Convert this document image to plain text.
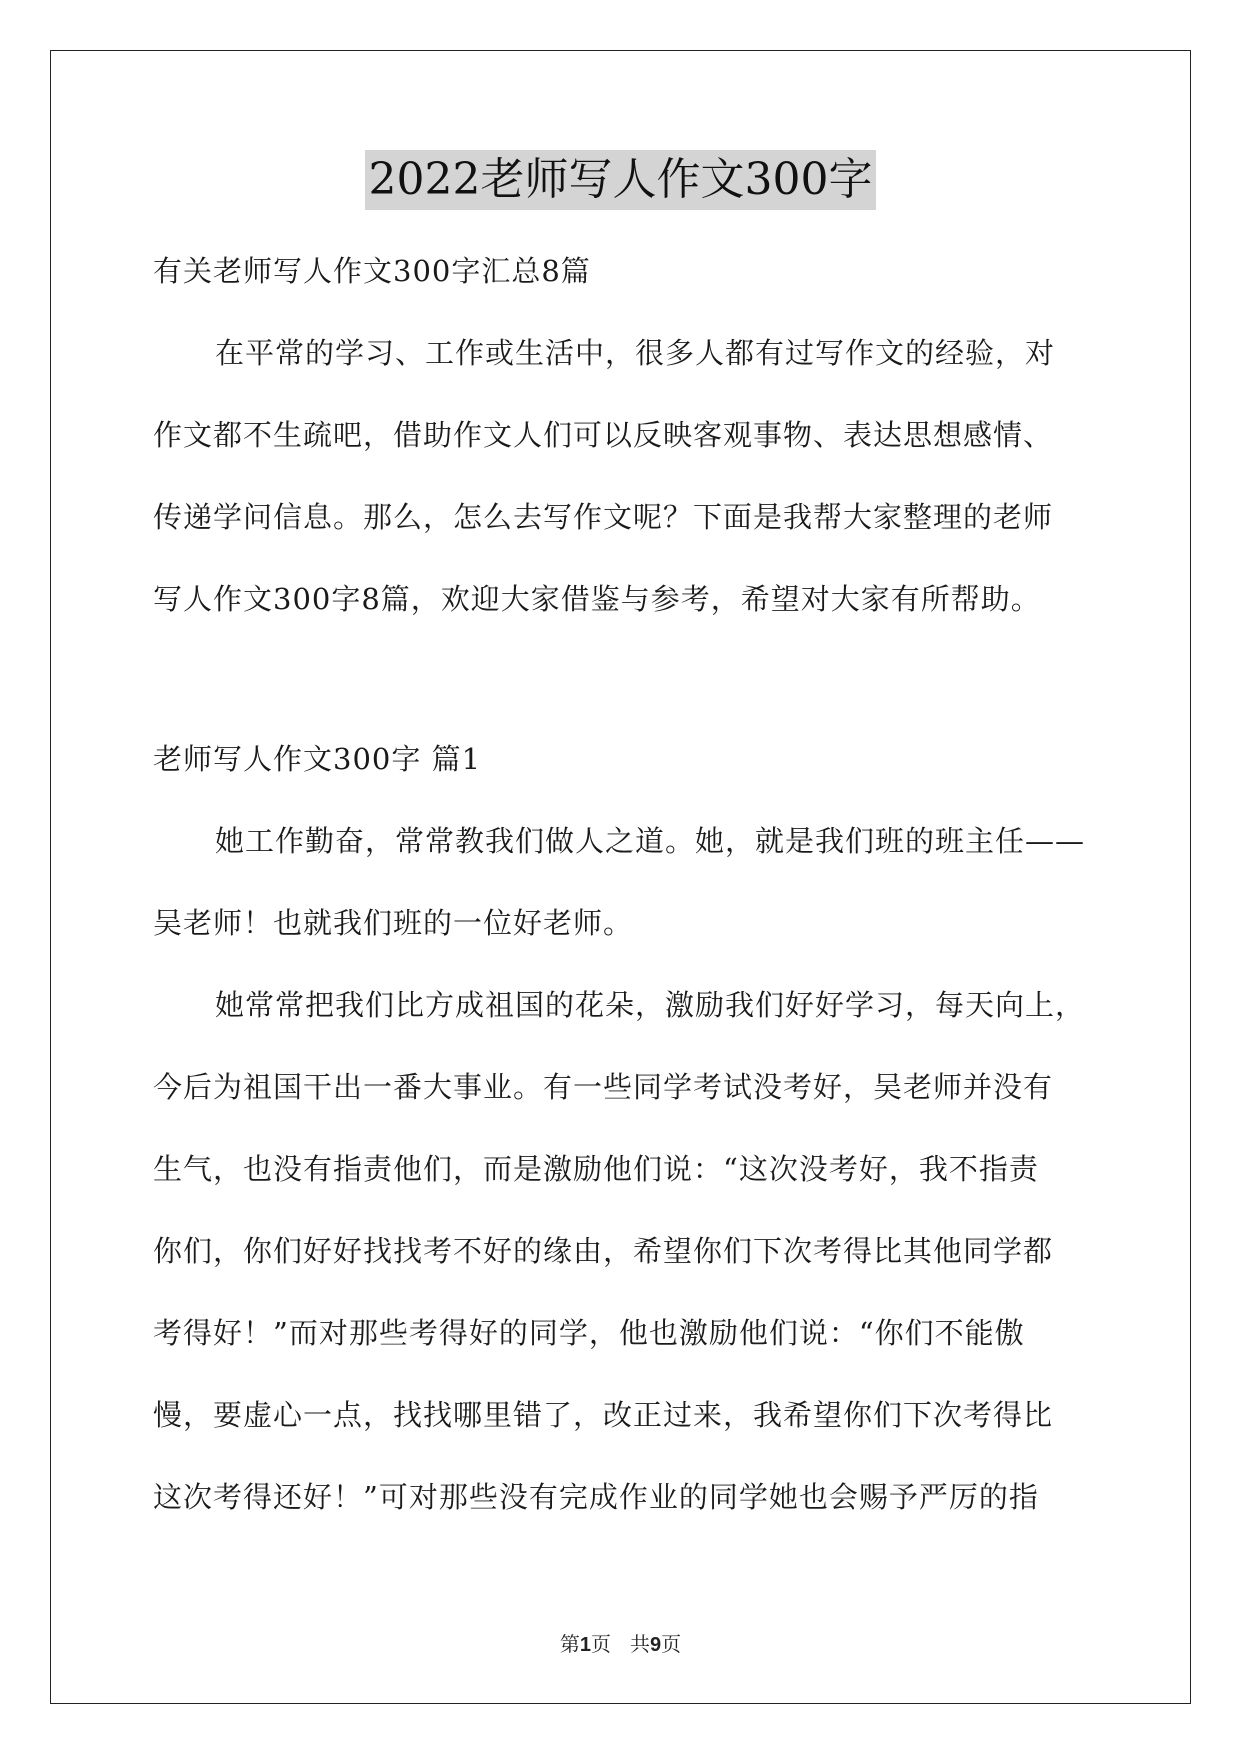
2022老师写人作文300字
有关老师写人作文300字汇总8篇
在平常的学习、工作或生活中，很多人都有过写作文的经验，对
作文都不生疏吧，借助作文人们可以反映客观事物、表达思想感情、
传递学问信息。那么，怎么去写作文呢？下面是我帮大家整理的老师
写人作文300字8篇，欢迎大家借鉴与参考，希望对大家有所帮助。
老师写人作文300字 篇1
她工作勤奋，常常教我们做人之道。她，就是我们班的班主任——
吴老师！也就我们班的一位好老师。
她常常把我们比方成祖国的花朵，激励我们好好学习，每天向上，
今后为祖国干出一番大事业。有一些同学考试没考好，吴老师并没有
生气，也没有指责他们，而是激励他们说：“这次没考好，我不指责
你们，你们好好找找考不好的缘由，希望你们下次考得比其他同学都
考得好！”而对那些考得好的同学，他也激励他们说：“你们不能傲
慢，要虚心一点，找找哪里错了，改正过来，我希望你们下次考得比
这次考得还好！”可对那些没有完成作业的同学她也会赐予严厉的指
第1页   共9页
